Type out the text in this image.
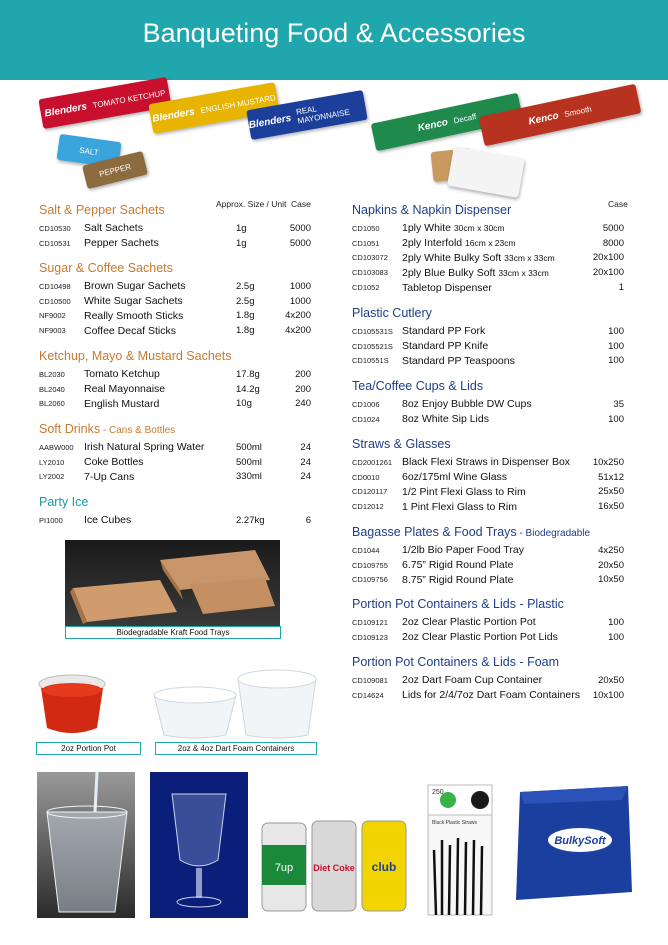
Banqueting Food & Accessories
Blenders
TOMATO KETCHUP
Blenders
ENGLISH MUSTARD
Blenders
REAL MAYONNAISE
SALT
PEPPER
Kenco Decaff	Kenco Smooth
Approx. Size / Unit Case	Case
Salt & Pepper Sachets
CD10530	Salt Sachets	1g	5000
CD10531	Pepper Sachets	1g	5000
Sugar & Coffee Sachets
CD10498	Brown Sugar Sachets	2.5g	1000
CD10500	White Sugar Sachets	2.5g	1000
NF9002	Really Smooth Sticks	1.8g	4x200
NF9003	Coffee Decaf Sticks	1.8g	4x200
Ketchup, Mayo & Mustard Sachets
BL2030	Tomato Ketchup	17.8g	200
BL2040	Real Mayonnaise	14.2g	200
BL2060	English Mustard	10g	240
Soft Drinks - Cans & Bottles
AABW000 Irish Natural Spring Water	500ml	24
LY2010	Coke Bottles	500ml	24
LY2002	7-Up Cans	330ml	24
Party Ice
PI1000	Ice Cubes	2.27kg	6
Napkins & Napkin Dispenser
CD1050	1ply White 30cm x 30cm	5000
CD1051	2ply Interfold 16cm x 23cm	8000
CD103072	2ply White Bulky Soft 33cm x 33cm	20x100
CD103083	2ply Blue Bulky Soft 33cm x 33cm	20x100
CD1052	Tabletop Dispenser	1
Plastic Cutlery
CD105531S Standard PP Fork	100
CD105521S Standard PP Knife	100
CD10551S	Standard PP Teaspoons	100
Tea/Coffee Cups & Lids
CD1006	8oz Enjoy Bubble DW Cups	35
CD1024	8oz White Sip Lids	100
Straws & Glasses
CD2001261 Black Flexi Straws in Dispenser Box	10x250
CD0010	6oz/175ml Wine Glass	51x12
CD120117	1/2 Pint Flexi Glass to Rim	25x50
CD12012	1 Pint Flexi Glass to Rim	16x50
Bagasse Plates & Food Trays - Biodegradable
CD1044	1/2lb Bio Paper Food Tray	4x250
CD109755	6.75” Rigid Round Plate	20x50
CD109756	8.75” Rigid Round Plate	10x50
Portion Pot Containers & Lids - Plastic
CD109121	2oz Clear Plastic Portion Pot	100
CD109123	2oz Clear Plastic Portion Pot Lids	100
Portion Pot Containers & Lids - Foam
CD109081	2oz Dart Foam Cup Container	20x50
CD14624	Lids for 2/4/7oz Dart Foam Containers	10x100
Biodegradable Kraft Food Trays
2oz Portion Pot	2oz & 4oz Dart Foam Containers
7up Diet Coke club
250
Black Plastic Straws
BulkySoft
